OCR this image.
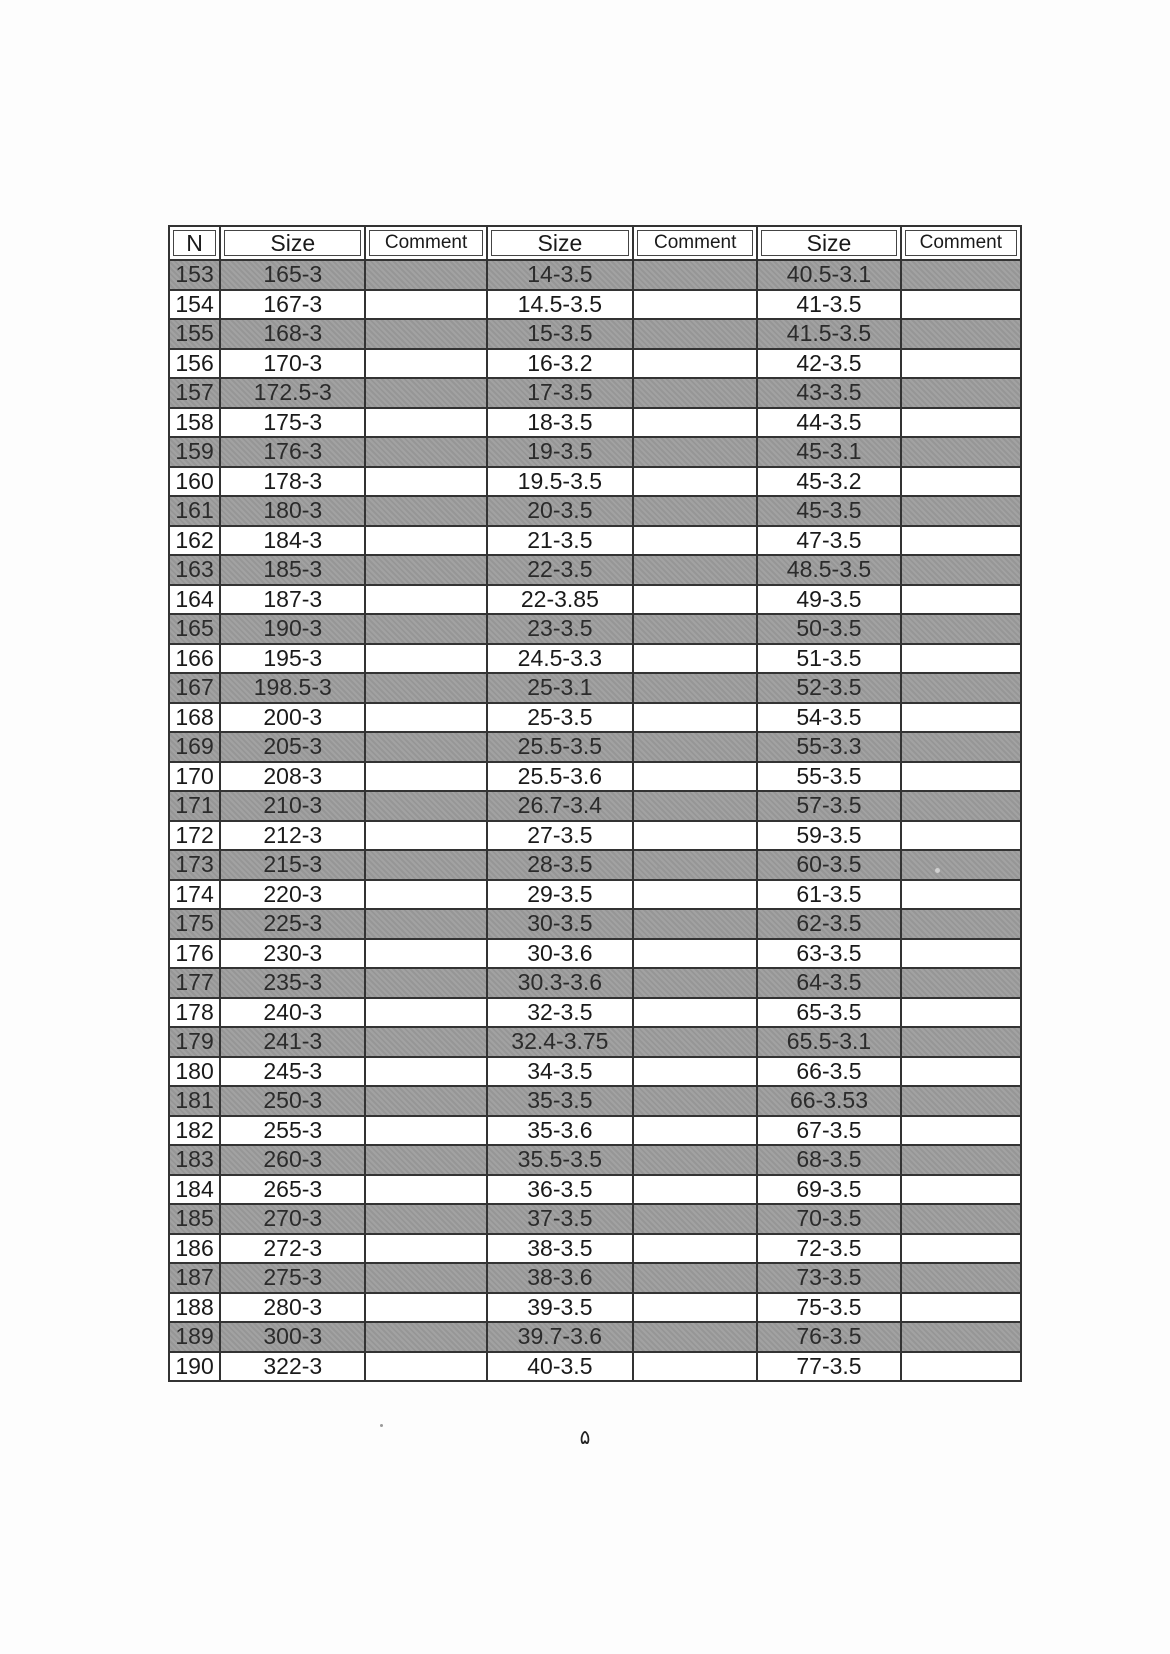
N	Size	Comment	Size	Comment	Size	Comment
153	165-3		14-3.5		40.5-3.1	
154	167-3		14.5-3.5		41-3.5	
155	168-3		15-3.5		41.5-3.5	
156	170-3		16-3.2		42-3.5	
157	172.5-3		17-3.5		43-3.5	
158	175-3		18-3.5		44-3.5	
159	176-3		19-3.5		45-3.1	
160	178-3		19.5-3.5		45-3.2	
161	180-3		20-3.5		45-3.5	
162	184-3		21-3.5		47-3.5	
163	185-3		22-3.5		48.5-3.5	
164	187-3		22-3.85		49-3.5	
165	190-3		23-3.5		50-3.5	
166	195-3		24.5-3.3		51-3.5	
167	198.5-3		25-3.1		52-3.5	
168	200-3		25-3.5		54-3.5	
169	205-3		25.5-3.5		55-3.3	
170	208-3		25.5-3.6		55-3.5	
171	210-3		26.7-3.4		57-3.5	
172	212-3		27-3.5		59-3.5	
173	215-3		28-3.5		60-3.5	
174	220-3		29-3.5		61-3.5	
175	225-3		30-3.5		62-3.5	
176	230-3		30-3.6		63-3.5	
177	235-3		30.3-3.6		64-3.5	
178	240-3		32-3.5		65-3.5	
179	241-3		32.4-3.75		65.5-3.1	
180	245-3		34-3.5		66-3.5	
181	250-3		35-3.5		66-3.53	
182	255-3		35-3.6		67-3.5	
183	260-3		35.5-3.5		68-3.5	
184	265-3		36-3.5		69-3.5	
185	270-3		37-3.5		70-3.5	
186	272-3		38-3.5		72-3.5	
187	275-3		38-3.6		73-3.5	
188	280-3		39-3.5		75-3.5	
189	300-3		39.7-3.6		76-3.5	
190	322-3		40-3.5		77-3.5	
۵
